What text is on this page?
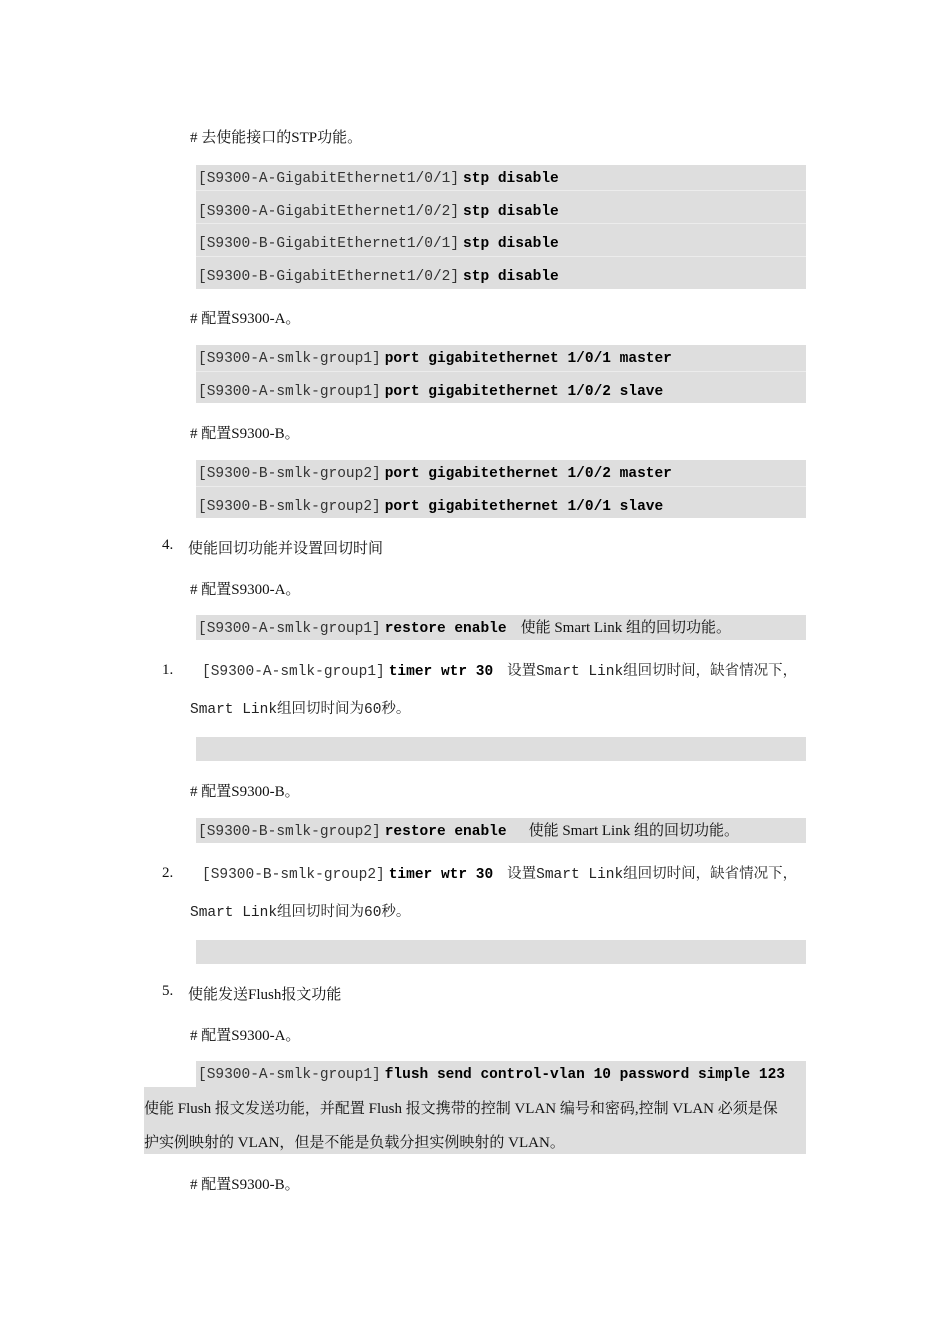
# 去使能接口的STP功能。
[S9300-A-GigabitEthernet1/0/1] stp disable
[S9300-A-GigabitEthernet1/0/2] stp disable
[S9300-B-GigabitEthernet1/0/1] stp disable
[S9300-B-GigabitEthernet1/0/2] stp disable
# 配置S9300-A。
[S9300-A-smlk-group1] port gigabitethernet 1/0/1 master
[S9300-A-smlk-group1] port gigabitethernet 1/0/2 slave
# 配置S9300-B。
[S9300-B-smlk-group2] port gigabitethernet 1/0/2 master
[S9300-B-smlk-group2] port gigabitethernet 1/0/1 slave
4. 使能回切功能并设置回切时间
# 配置S9300-A。
[S9300-A-smlk-group1] restore enable 使能 Smart Link 组的回切功能。
1. [S9300-A-smlk-group1] timer wtr 30 设置Smart Link组回切时间，缺省情况下，
Smart Link组回切时间为60秒。
# 配置S9300-B。
[S9300-B-smlk-group2] restore enable 使能 Smart Link 组的回切功能。
2. [S9300-B-smlk-group2] timer wtr 30 设置Smart Link组回切时间，缺省情况下，
Smart Link组回切时间为60秒。
5. 使能发送Flush报文功能
# 配置S9300-A。
[S9300-A-smlk-group1] flush send control-vlan 10 password simple 123
使能 Flush 报文发送功能，并配置 Flush 报文携带的控制 VLAN 编号和密码,控制 VLAN 必须是保
护实例映射的 VLAN，但是不能是负载分担实例映射的 VLAN。
# 配置S9300-B。
